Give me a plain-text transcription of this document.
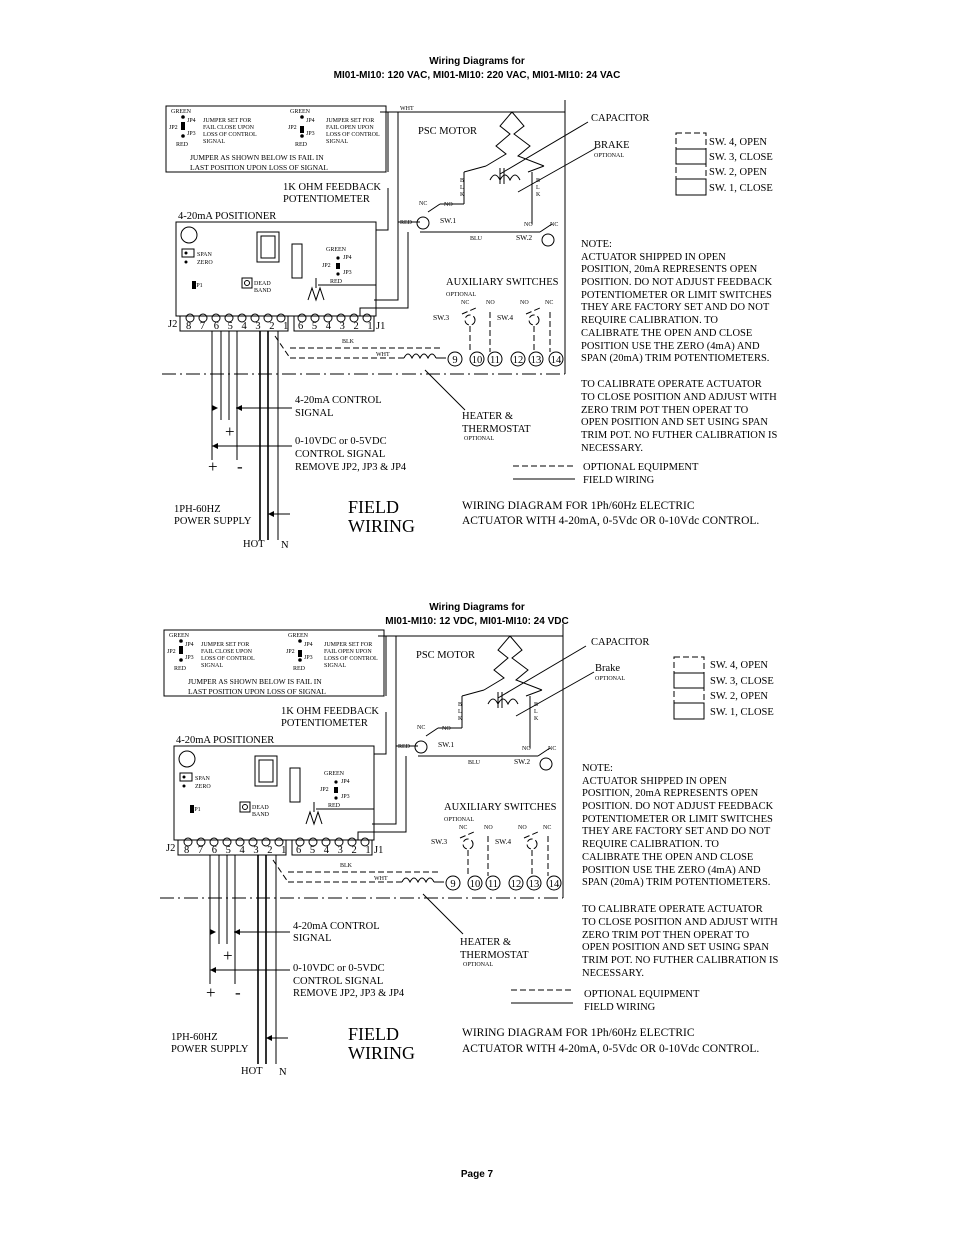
Wiring Diagrams for
MI01-MI10: 120 VAC, MI01-MI10: 220 VAC, MI01-MI10: 24 VAC
GREEN
JP4
JP2
JP3
RED
JUMPER SET FOR
FAIL CLOSE UPON
LOSS OF CONTROL
SIGNAL
GREEN
JP4
JP2
JP3
RED
JUMPER SET FOR
FAIL OPEN UPON
LOSS OF CONTROL
SIGNAL
JUMPER AS SHOWN BELOW IS FAIL IN
LAST POSITION UPON LOSS OF SIGNAL
1K OHM FEEDBACK
POTENTIOMETER
4-20mA POSITIONER
SPAN
ZERO
JP1	DEAD
BAND
GREEN
JP4
JP2
JP3
RED
J2 8 7 6 5 4 3 2 1 6 5 4 3 2 1 J1
WHT
BLK
WHT
BLU
RED
PSC MOTOR
CAPACITOR
BRAKE
OPTIONAL
B
L
K
B
L
K
NC	NO
SW.1	NO	NC
SW.2
AUXILIARY SWITCHES
OPTIONAL
NC	NO	NO	NC
SW.3	SW.4
9 10 11 12 13 14
SW. 4, OPEN
SW. 3, CLOSE
SW. 2, OPEN
SW. 1, CLOSE
NOTE:
ACTUATOR SHIPPED IN OPEN
POSITION, 20mA REPRESENTS OPEN
POSITION. DO NOT ADJUST FEEDBACK
POTENTIOMETER OR LIMIT SWITCHES
THEY ARE FACTORY SET AND DO NOT
REQUIRE CALIBRATION. TO
CALIBRATE THE OPEN AND CLOSE
POSITION USE THE ZERO (4mA) AND
SPAN (20mA) TRIM POTENTIOMETERS.
TO CALIBRATE OPERATE ACTUATOR
TO CLOSE POSITION AND ADJUST WITH
ZERO TRIM POT THEN OPERAT TO
OPEN POSITION AND SET USING SPAN
TRIM POT. NO FUTHER CALIBRATION IS
NECESSARY.
HEATER &
THERMOSTAT
OPTIONAL
4-20mA CONTROL
SIGNAL
0-10VDC or 0-5VDC
CONTROL SIGNAL
REMOVE JP2, JP3 & JP4
+
+ -	OPTIONAL EQUIPMENT
FIELD WIRING
1PH-60HZ
POWER SUPPLY
HOT N
FIELD
WIRING
WIRING DIAGRAM FOR 1Ph/60Hz ELECTRIC
ACTUATOR WITH 4-20mA, 0-5Vdc OR 0-10Vdc CONTROL.
Wiring Diagrams for
MI01-MI10: 12 VDC, MI01-MI10: 24 VDC
GREEN
JP4
JP2
JP3
RED
JUMPER SET FOR
FAIL CLOSE UPON
LOSS OF CONTROL
SIGNAL
GREEN
JP4
JP2
JP3
RED
JUMPER SET FOR
FAIL OPEN UPON
LOSS OF CONTROL
SIGNAL
JUMPER AS SHOWN BELOW IS FAIL IN
LAST POSITION UPON LOSS OF SIGNAL
1K OHM FEEDBACK
POTENTIOMETER
4-20mA POSITIONER
SPAN
ZERO
JP1	DEAD
BAND
GREEN
JP4
JP2
JP3
RED
J2 8 7 6 5 4 3 2 1 6 5 4 3 2 1 J1
BLK
WHT
BLU
RED
PSC MOTOR
CAPACITOR
Brake
OPTIONAL
B
L
K
B
L
K
NC	NO
SW.1	NO	NC
SW.2
AUXILIARY SWITCHES
OPTIONAL
NC	NO	NO	NC
SW.3	SW.4
9 10 11 12 13 14
SW. 4, OPEN
SW. 3, CLOSE
SW. 2, OPEN
SW. 1, CLOSE
NOTE:
ACTUATOR SHIPPED IN OPEN
POSITION, 20mA REPRESENTS OPEN
POSITION. DO NOT ADJUST FEEDBACK
POTENTIOMETER OR LIMIT SWITCHES
THEY ARE FACTORY SET AND DO NOT
REQUIRE CALIBRATION. TO
CALIBRATE THE OPEN AND CLOSE
POSITION USE THE ZERO (4mA) AND
SPAN (20mA) TRIM POTENTIOMETERS.
TO CALIBRATE OPERATE ACTUATOR
TO CLOSE POSITION AND ADJUST WITH
ZERO TRIM POT THEN OPERAT TO
OPEN POSITION AND SET USING SPAN
TRIM POT. NO FUTHER CALIBRATION IS
NECESSARY.
HEATER &
THERMOSTAT
OPTIONAL
4-20mA CONTROL
SIGNAL
0-10VDC or 0-5VDC
CONTROL SIGNAL
REMOVE JP2, JP3 & JP4
+
+ -	OPTIONAL EQUIPMENT
FIELD WIRING
1PH-60HZ
POWER SUPPLY
HOT N
FIELD
WIRING
WIRING DIAGRAM FOR 1Ph/60Hz ELECTRIC
ACTUATOR WITH 4-20mA, 0-5Vdc OR 0-10Vdc CONTROL.
Page 7
